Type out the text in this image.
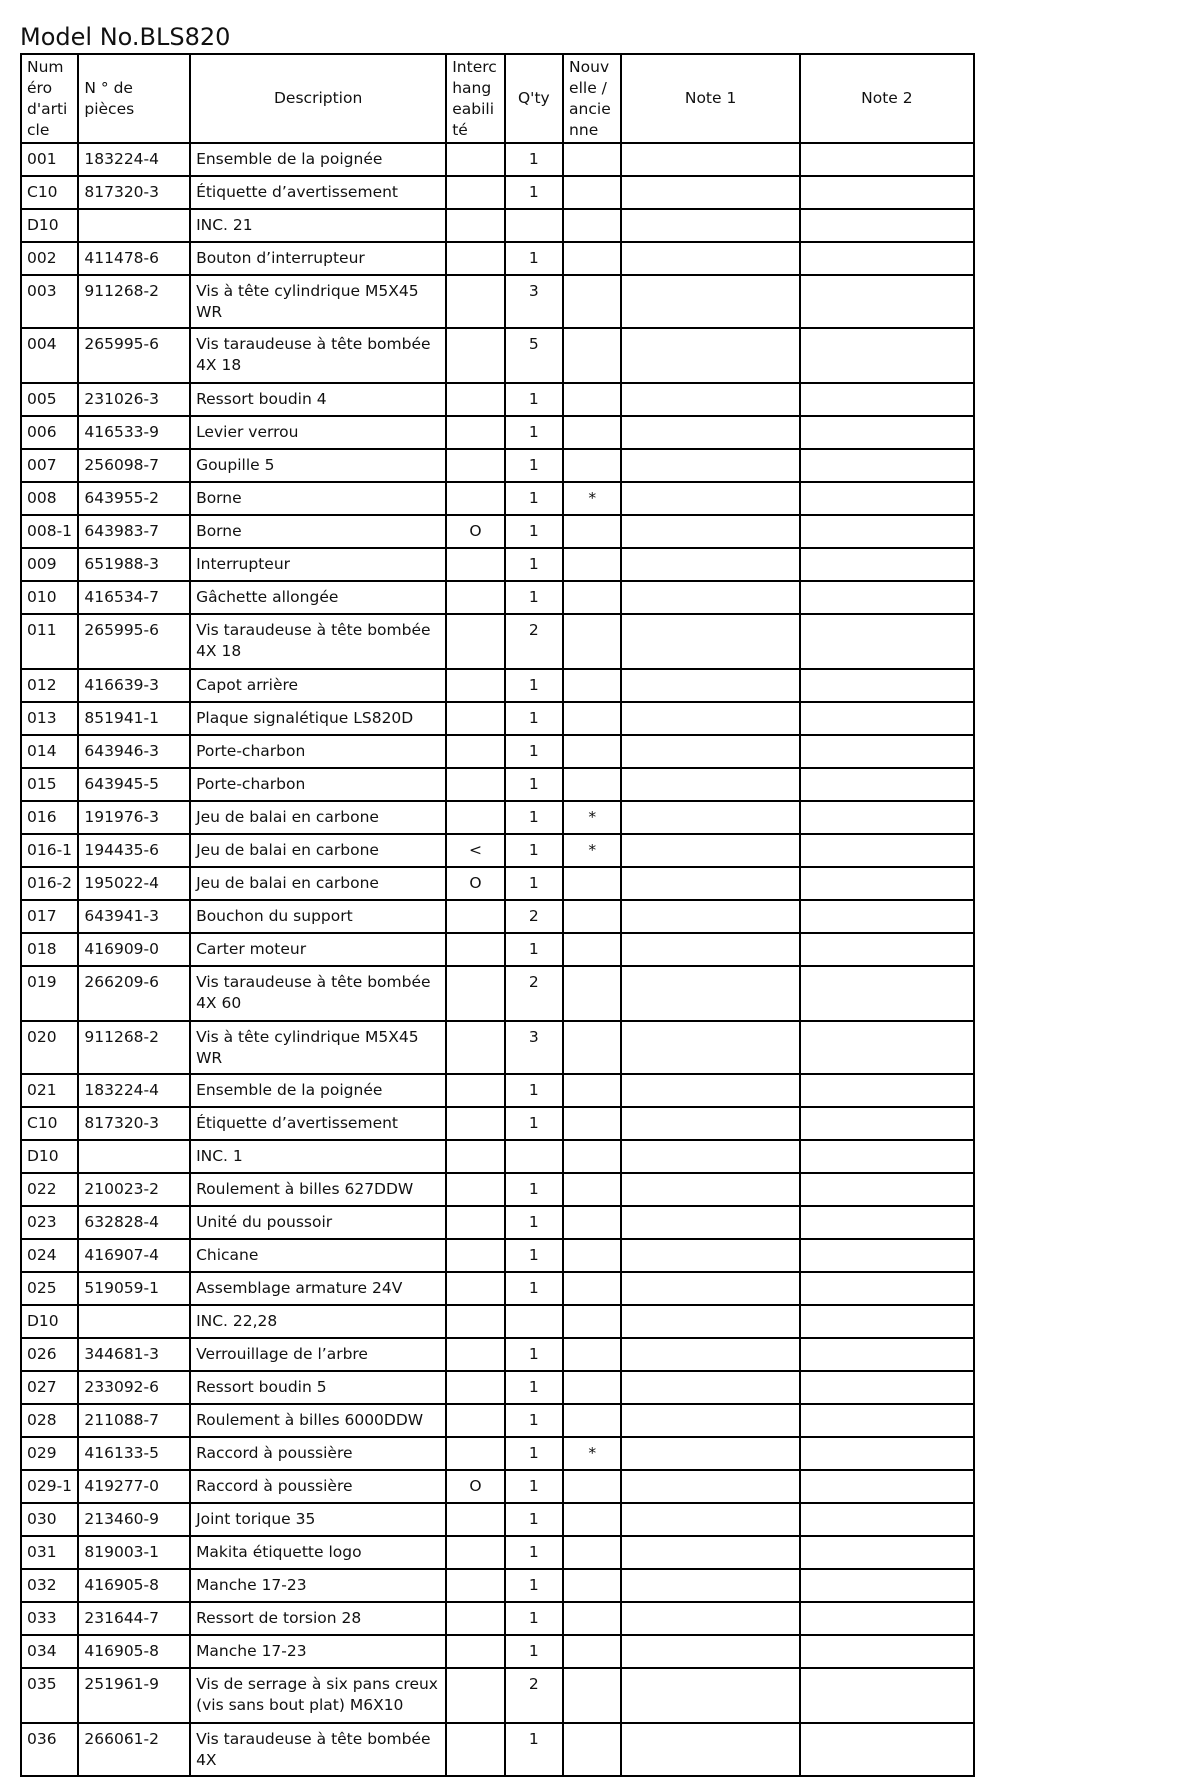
Model No.BLS820
Numéro d'article	N ° de pièces	Description	Interchangeabilité	Q'ty	Nouvelle / ancienne	Note 1	Note 2
001	183224-4	Ensemble de la poignée		1			
C10	817320-3	Étiquette d’avertissement		1			
D10		INC. 21					
002	411478-6	Bouton d’interrupteur		1			
003	911268-2	Vis à tête cylindrique M5X45 WR		3			
004	265995-6	Vis taraudeuse à tête bombée 4X 18		5			
005	231026-3	Ressort boudin 4		1			
006	416533-9	Levier verrou		1			
007	256098-7	Goupille 5		1			
008	643955-2	Borne		1	*		
008-1	643983-7	Borne	O	1			
009	651988-3	Interrupteur		1			
010	416534-7	Gâchette allongée		1			
011	265995-6	Vis taraudeuse à tête bombée 4X 18		2			
012	416639-3	Capot arrière		1			
013	851941-1	Plaque signalétique LS820D		1			
014	643946-3	Porte-charbon		1			
015	643945-5	Porte-charbon		1			
016	191976-3	Jeu de balai en carbone		1	*		
016-1	194435-6	Jeu de balai en carbone	<	1	*		
016-2	195022-4	Jeu de balai en carbone	O	1			
017	643941-3	Bouchon du support		2			
018	416909-0	Carter moteur		1			
019	266209-6	Vis taraudeuse à tête bombée 4X 60		2			
020	911268-2	Vis à tête cylindrique M5X45 WR		3			
021	183224-4	Ensemble de la poignée		1			
C10	817320-3	Étiquette d’avertissement		1			
D10		INC. 1					
022	210023-2	Roulement à billes 627DDW		1			
023	632828-4	Unité du poussoir		1			
024	416907-4	Chicane		1			
025	519059-1	Assemblage armature 24V		1			
D10		INC. 22,28					
026	344681-3	Verrouillage de l’arbre		1			
027	233092-6	Ressort boudin 5		1			
028	211088-7	Roulement à billes 6000DDW		1			
029	416133-5	Raccord à poussière		1	*		
029-1	419277-0	Raccord à poussière	O	1			
030	213460-9	Joint torique 35		1			
031	819003-1	Makita étiquette logo		1			
032	416905-8	Manche 17-23		1			
033	231644-7	Ressort de torsion 28		1			
034	416905-8	Manche 17-23		1			
035	251961-9	Vis de serrage à six pans creux (vis sans bout plat) M6X10		2			
036	266061-2	Vis taraudeuse à tête bombée 4X		1			
